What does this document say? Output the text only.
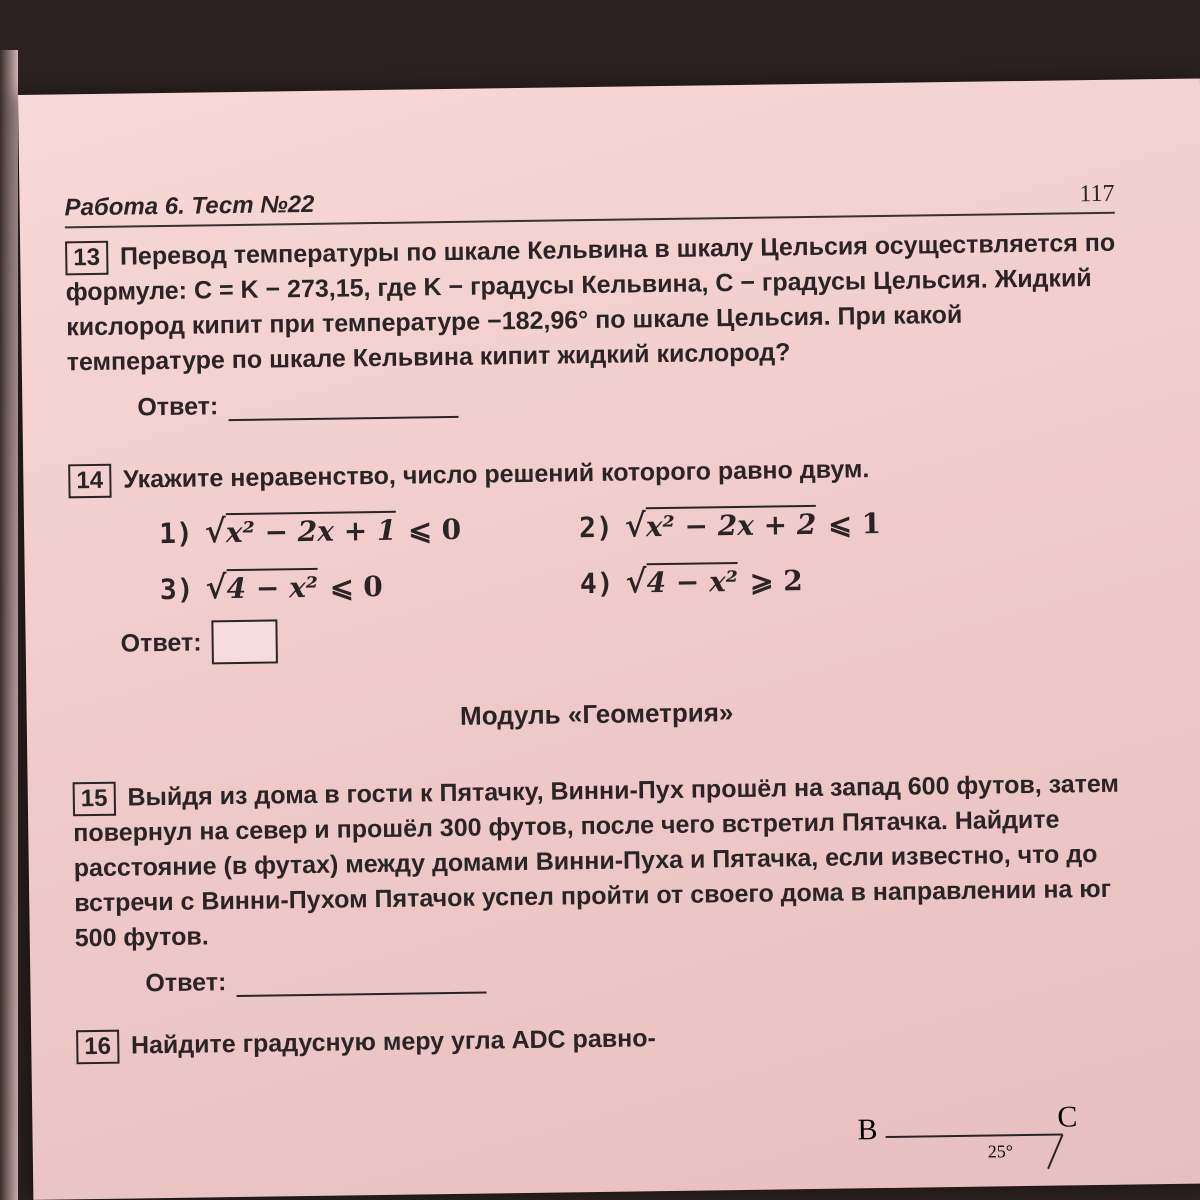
Работа 6. Тест №22	117
13 Перевод температуры по шкале Кельвина в шкалу Цельсия осуществляется по формуле: C = K − 273,15, где K − градусы Кельвина, C − градусы Цельсия. Жидкий кислород кипит при температуре −182,96° по шкале Цельсия. При какой температуре по шкале Кельвина кипит жидкий кислород?
Ответ:
14 Укажите неравенство, число решений которого равно двум.
1) √x² − 2x + 1 ⩽ 0	2) √x² − 2x + 2 ⩽ 1
3) √4 − x² ⩽ 0	4) √4 − x² ⩾ 2
Ответ:
Модуль «Геометрия»
15 Выйдя из дома в гости к Пятачку, Винни-Пух прошёл на запад 600 футов, затем повернул на север и прошёл 300 футов, после чего встретил Пятачка. Найдите расстояние (в футах) между домами Винни-Пуха и Пятачка, если известно, что до встречи с Винни-Пухом Пятачок успел пройти от своего дома в направлении на юг 500 футов.
Ответ:
16 Найдите градусную меру угла ADC равно-
B	C
25°
